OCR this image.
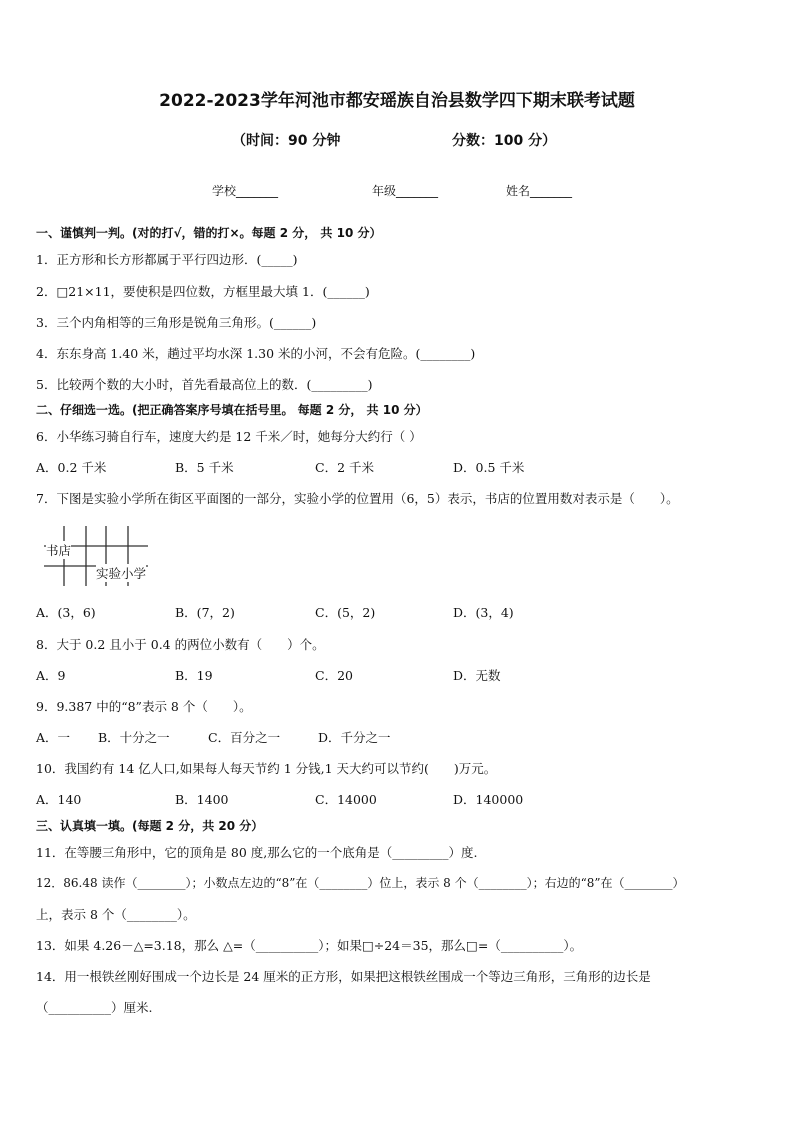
2022-2023学年河池市都安瑶族自治县数学四下期末联考试题
（时间：90 分钟	分数：100 分）
学校_______	年级_______	姓名_______
一、谨慎判一判。(对的打√，错的打×。每题 2 分， 共 10 分）
1．正方形和长方形都属于平行四边形．(_____)
2．□21×11，要使积是四位数，方框里最大填 1．(______)
3．三个内角相等的三角形是锐角三角形。(______)
4．东东身高 1.40 米，趟过平均水深 1.30 米的小河，不会有危险。(________)
5．比较两个数的大小时，首先看最高位上的数．(_________)
二、仔细选一选。(把正确答案序号填在括号里。 每题 2 分， 共 10 分）
6．小华练习骑自行车，速度大约是 12 千米／时，她每分大约行（ ）
A．0.2 千米	B．5 千米	C．2 千米	D．0.5 千米
7．下图是实验小学所在街区平面图的一部分，实验小学的位置用（6，5）表示，书店的位置用数对表示是（　　）。
书店
实验小学
A．(3，6)	B．(7，2)	C．(5，2)	D．(3，4)
8．大于 0.2 且小于 0.4 的两位小数有（　　）个。
A．9	B．19	C．20	D．无数
9．9.387 中的“8”表示 8 个（　　）。
A．一 B．十分之一	C．百分之一	D．千分之一
10．我国约有 14 亿人口,如果每人每天节约 1 分钱,1 天大约可以节约(　　)万元。
A．140	B．1400	C．14000	D．140000
三、认真填一填。(每题 2 分，共 20 分）
11．在等腰三角形中，它的顶角是 80 度,那么它的一个底角是（_________）度.
12．86.48 读作（________）；小数点左边的“8”在（________）位上，表示 8 个（________）；右边的“8”在（________）
上，表示 8 个（________）。
13．如果 4.26－△=3.18，那么 △=（__________）；如果□÷24＝35，那么□=（__________）。
14．用一根铁丝刚好围成一个边长是 24 厘米的正方形，如果把这根铁丝围成一个等边三角形，三角形的边长是
（__________）厘米.
